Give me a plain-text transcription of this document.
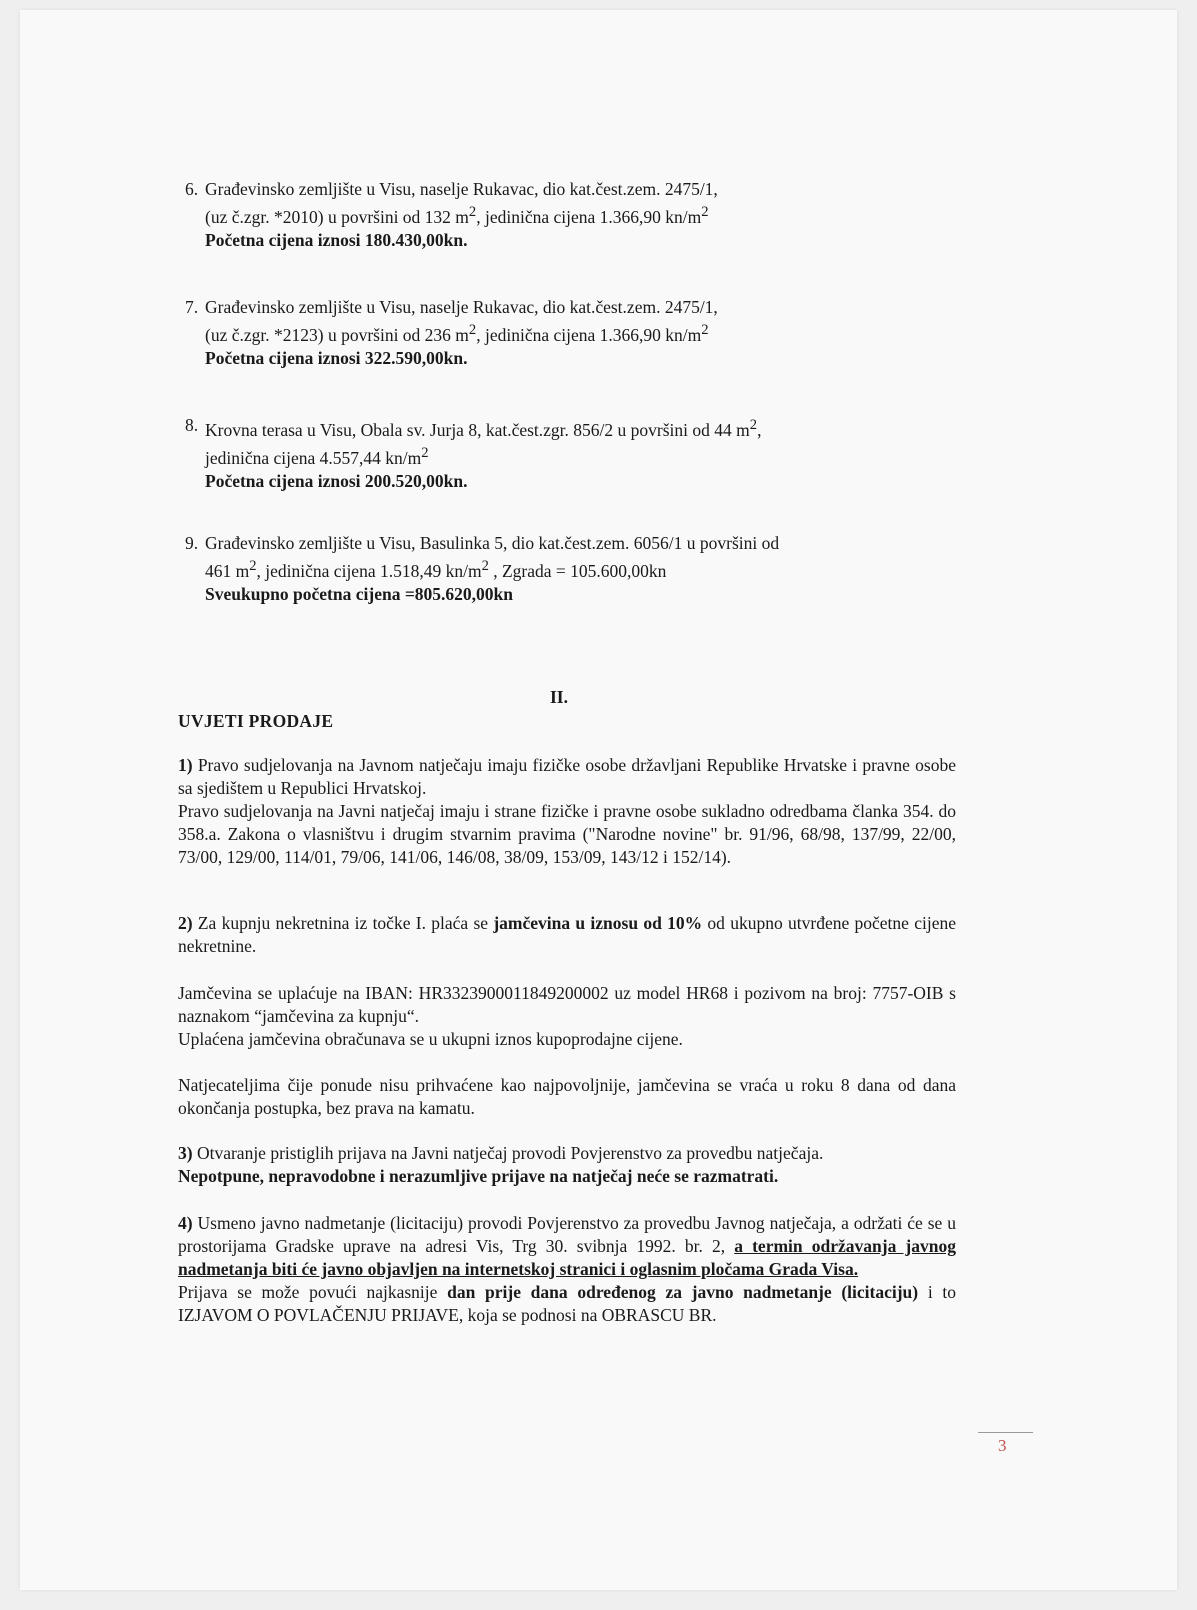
6. Građevinsko zemljište u Visu, naselje Rukavac, dio kat.čest.zem. 2475/1,

(uz č.zgr. *2010) u površini od 132 $m^2$, jedinična cijena 1.366,90 $kn/m^2$

Početna cijena iznosi 180.430,00kn.

7. Građevinsko zemljište u Visu, naselje Rukavac, dio kat.čest.zem. 2475/1,

(uz č.zgr. *2123) u površini od 236 $m^2$, jedinična cijena 1.366,90 $kn/m^2$

Početna cijena iznosi 322.590,00kn.

8. Krovna terasa u Visu, Obala sv. Jurja 8, kat.čest.zgr. 856/2 u površini od 44 $m^2$,

jedinična cijena 4.557,44 $kn/m^2$

Početna cijena iznosi 200.520,00kn.

9. Građevinsko zemljište u Visu, Basulinka 5, dio kat.čest.zem. 6056/1 u površini od

461 $m^2$, jedinična cijena 1.518,49 $kn/m^2$ , Zgrada = 105.600,00kn

Sveukupno početna cijena =805.620,00kn

II.
UVJETI PRODAJE

1) Pravo sudjelovanja na Javnom natječaju imaju fizičke osobe državljani Republike Hrvatske i pravne osobe sa sjedištem u Republici Hrvatskoj.

Pravo sudjelovanja na Javni natječaj imaju i strane fizičke i pravne osobe sukladno odredbama članka 354. do 358.a. Zakona o vlasništvu i drugim stvarnim pravima ("Narodne novine" br. 91/96, 68/98, 137/99, 22/00, 73/00, 129/00, 114/01, 79/06, 141/06, 146/08, 38/09, 153/09, 143/12 i 152/14).

2) Za kupnju nekretnina iz točke I. plaća se jamčevina u iznosu od 10% od ukupno utvrđene početne cijene nekretnine.

Jamčevina se uplaćuje na IBAN: HR3323900011849200002 uz model HR68 i pozivom na broj: 7757-OIB s naznakom “jamčevina za kupnju“.

Uplaćena jamčevina obračunava se u ukupni iznos kupoprodajne cijene.

Natjecateljima čije ponude nisu prihvaćene kao najpovoljnije, jamčevina se vraća u roku 8 dana od dana okončanja postupka, bez prava na kamatu.

3) Otvaranje pristiglih prijava na Javni natječaj provodi Povjerenstvo za provedbu natječaja.

Nepotpune, nepravodobne i nerazumljive prijave na natječaj neće se razmatrati.

4) Usmeno javno nadmetanje (licitaciju) provodi Povjerenstvo za provedbu Javnog natječaja, a održati će se u prostorijama Gradske uprave na adresi Vis, Trg 30. svibnja 1992. br. 2, a termin održavanja javnog nadmetanja biti će javno objavljen na internetskoj stranici i oglasnim pločama Grada Visa.

Prijava se može povući najkasnije dan prije dana određenog za javno nadmetanje (licitaciju) i to IZJAVOM O POVLAČENJU PRIJAVE, koja se podnosi na OBRASCU BR.

3
